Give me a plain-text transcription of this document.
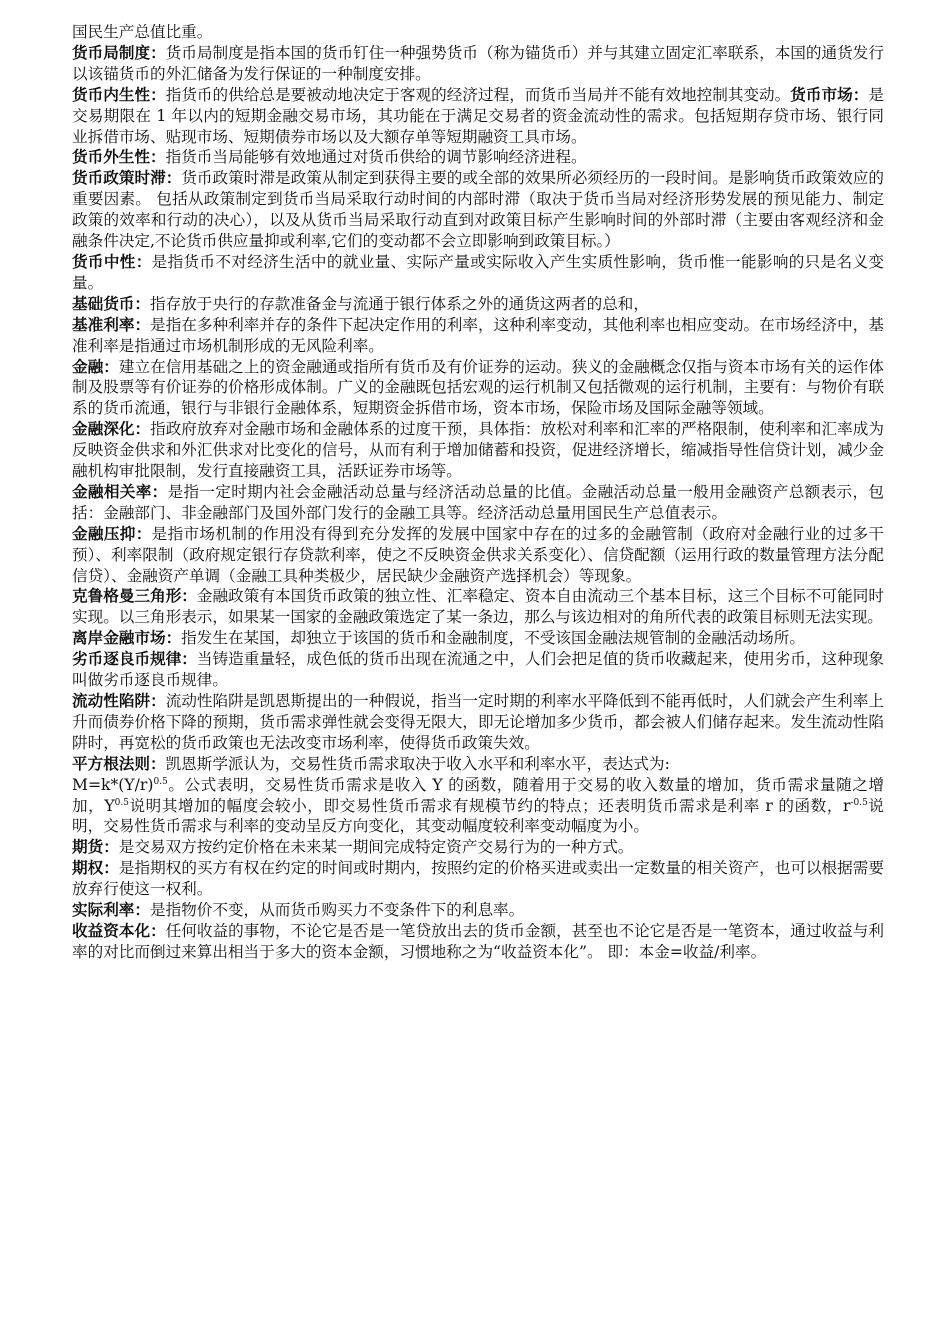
国民生产总值比重。

货币局制度：货币局制度是指本国的货币钉住一种强势货币（称为锚货币）并与其建立固定汇率联系，本国的通货发行以该锚货币的外汇储备为发行保证的一种制度安排。

货币内生性：指货币的供给总是要被动地决定于客观的经济过程，而货币当局并不能有效地控制其变动。货币市场：是交易期限在 1 年以内的短期金融交易市场，其功能在于满足交易者的资金流动性的需求。包括短期存贷市场、银行同业拆借市场、贴现市场、短期债券市场以及大额存单等短期融资工具市场。

货币外生性：指货币当局能够有效地通过对货币供给的调节影响经济进程。

货币政策时滞：货币政策时滞是政策从制定到获得主要的或全部的效果所必须经历的一段时间。是影响货币政策效应的重要因素。 包括从政策制定到货币当局采取行动时间的内部时滞（取决于货币当局对经济形势发展的预见能力、制定政策的效率和行动的决心），以及从货币当局采取行动直到对政策目标产生影响时间的外部时滞（主要由客观经济和金融条件决定,不论货币供应量抑或利率,它们的变动都不会立即影响到政策目标。）

货币中性：是指货币不对经济生活中的就业量、实际产量或实际收入产生实质性影响，货币惟一能影响的只是名义变量。

基础货币：指存放于央行的存款准备金与流通于银行体系之外的通货这两者的总和，

基准利率：是指在多种利率并存的条件下起决定作用的利率，这种利率变动，其他利率也相应变动。在市场经济中，基准利率是指通过市场机制形成的无风险利率。

金融：建立在信用基础之上的资金融通或指所有货币及有价证券的运动。狭义的金融概念仅指与资本市场有关的运作体制及股票等有价证券的价格形成体制。广义的金融既包括宏观的运行机制又包括微观的运行机制，主要有：与物价有联系的货币流通，银行与非银行金融体系，短期资金拆借市场，资本市场，保险市场及国际金融等领域。

金融深化：指政府放弃对金融市场和金融体系的过度干预，具体指：放松对利率和汇率的严格限制，使利率和汇率成为反映资金供求和外汇供求对比变化的信号，从而有利于增加储蓄和投资，促进经济增长，缩减指导性信贷计划，减少金融机构审批限制，发行直接融资工具，活跃证券市场等。

金融相关率：是指一定时期内社会金融活动总量与经济活动总量的比值。金融活动总量一般用金融资产总额表示，包括：金融部门、非金融部门及国外部门发行的金融工具等。经济活动总量用国民生产总值表示。

金融压抑：是指市场机制的作用没有得到充分发挥的发展中国家中存在的过多的金融管制（政府对金融行业的过多干预）、利率限制（政府规定银行存贷款利率，使之不反映资金供求关系变化）、信贷配额（运用行政的数量管理方法分配信贷）、金融资产单调（金融工具种类极少，居民缺少金融资产选择机会）等现象。

克鲁格曼三角形：金融政策有本国货币政策的独立性、汇率稳定、资本自由流动三个基本目标，这三个目标不可能同时实现。以三角形表示，如果某一国家的金融政策选定了某一条边，那么与该边相对的角所代表的政策目标则无法实现。

离岸金融市场：指发生在某国，却独立于该国的货币和金融制度，不受该国金融法规管制的金融活动场所。

劣币逐良币规律：当铸造重量轻，成色低的货币出现在流通之中，人们会把足值的货币收藏起来，使用劣币，这种现象叫做劣币逐良币规律。

流动性陷阱：流动性陷阱是凯恩斯提出的一种假说，指当一定时期的利率水平降低到不能再低时，人们就会产生利率上升而债券价格下降的预期，货币需求弹性就会变得无限大，即无论增加多少货币，都会被人们储存起来。发生流动性陷阱时，再宽松的货币政策也无法改变市场利率，使得货币政策失效。

平方根法则：凯恩斯学派认为，交易性货币需求取决于收入水平和利率水平，表达式为:
$M=k*(Y/r)^{0.5}$。公式表明，交易性货币需求是收入 Y 的函数，随着用于交易的收入数量的增加，货币需求量随之增加，$Y^{0.5}$说明其增加的幅度会较小，即交易性货币需求有规模节约的特点；还表明货币需求是利率 r 的函数，$r^{-0.5}$说明，交易性货币需求与利率的变动呈反方向变化，其变动幅度较利率变动幅度为小。

期货：是交易双方按约定价格在未来某一期间完成特定资产交易行为的一种方式。

期权：是指期权的买方有权在约定的时间或时期内，按照约定的价格买进或卖出一定数量的相关资产，也可以根据需要放弃行使这一权利。

实际利率：是指物价不变，从而货币购买力不变条件下的利息率。

收益资本化：任何收益的事物，不论它是否是一笔贷放出去的货币金额，甚至也不论它是否是一笔资本，通过收益与利率的对比而倒过来算出相当于多大的资本金额，习惯地称之为“收益资本化”。 即：本金=收益/利率。
